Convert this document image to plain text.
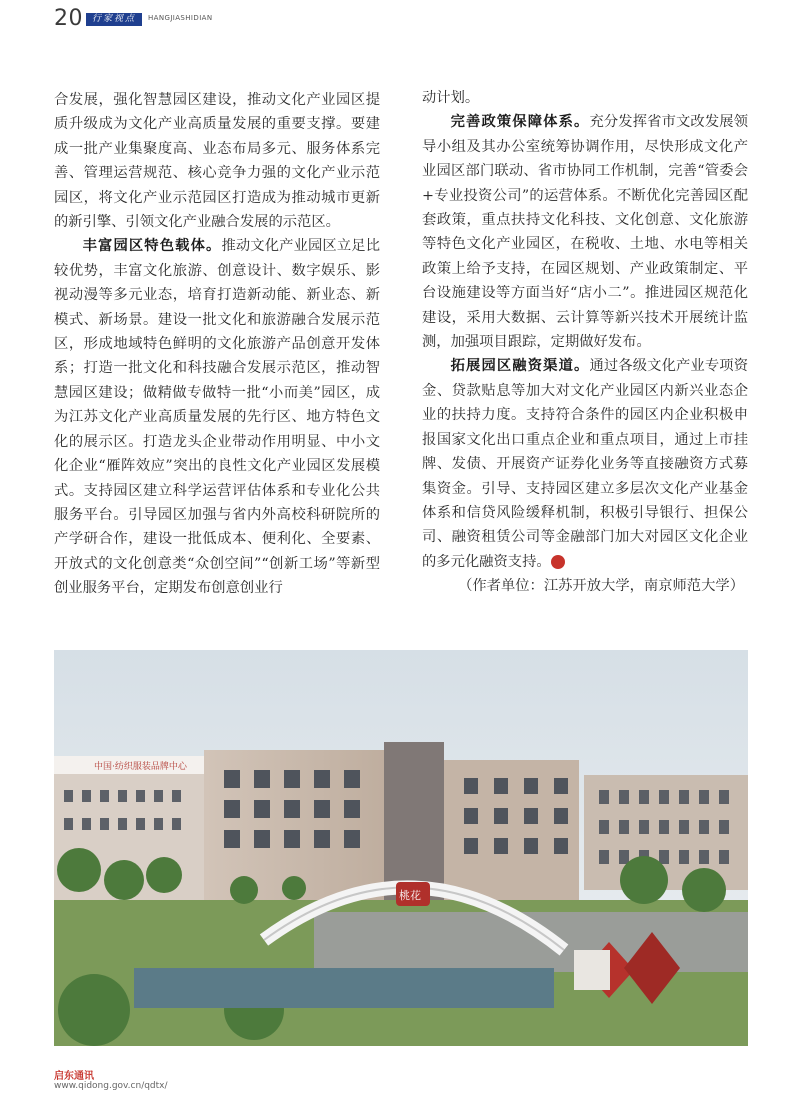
20	行家视点	HANGJIASHIDIAN

合发展，强化智慧园区建设，推动文化产业园区提质升级成为文化产业高质量发展的重要支撑。要建成一批产业集聚度高、业态布局多元、服务体系完善、管理运营规范、核心竞争力强的文化产业示范园区，将文化产业示范园区打造成为推动城市更新的新引擎、引领文化产业融合发展的示范区。

丰富园区特色载体。推动文化产业园区立足比较优势，丰富文化旅游、创意设计、数字娱乐、影视动漫等多元业态，培育打造新动能、新业态、新模式、新场景。建设一批文化和旅游融合发展示范区，形成地域特色鲜明的文化旅游产品创意开发体系；打造一批文化和科技融合发展示范区，推动智慧园区建设；做精做专做特一批“小而美”园区，成为江苏文化产业高质量发展的先行区、地方特色文化的展示区。打造龙头企业带动作用明显、中小文化企业“雁阵效应”突出的良性文化产业园区发展模式。支持园区建立科学运营评估体系和专业化公共服务平台。引导园区加强与省内外高校科研院所的产学研合作，建设一批低成本、便利化、全要素、开放式的文化创意类“众创空间”“创新工场”等新型创业服务平台，定期发布创意创业行

动计划。

完善政策保障体系。充分发挥省市文改发展领导小组及其办公室统筹协调作用，尽快形成文化产业园区部门联动、省市协同工作机制，完善“管委会+专业投资公司”的运营体系。不断优化完善园区配套政策，重点扶持文化科技、文化创意、文化旅游等特色文化产业园区，在税收、土地、水电等相关政策上给予支持，在园区规划、产业政策制定、平台设施建设等方面当好“店小二”。推进园区规范化建设，采用大数据、云计算等新兴技术开展统计监测，加强项目跟踪，定期做好发布。

拓展园区融资渠道。通过各级文化产业专项资金、贷款贴息等加大对文化产业园区内新兴业态企业的扶持力度。支持符合条件的园区内企业积极申报国家文化出口重点企业和重点项目，通过上市挂牌、发债、开展资产证券化业务等直接融资方式募集资金。引导、支持园区建立多层次文化产业基金体系和信贷风险缓释机制，积极引导银行、担保公司、融资租赁公司等金融部门加大对园区文化企业的多元化融资支持。	启

（作者单位：江苏开放大学，南京师范大学）

中国·纺织服装品牌中心
桃花
启东通讯
www.qidong.gov.cn/qdtx/
